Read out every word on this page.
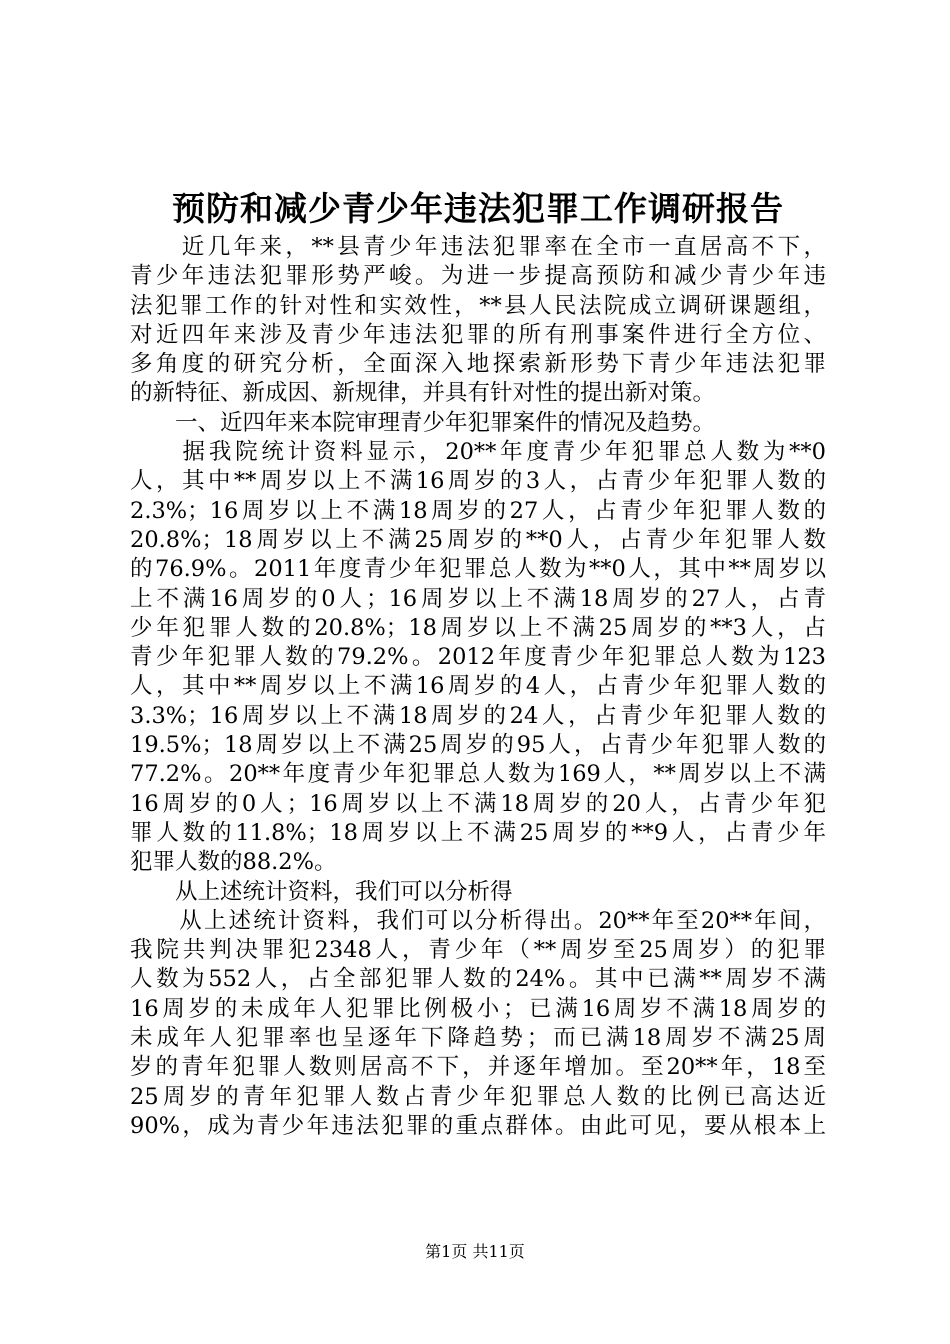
预防和减少青少年违法犯罪工作调研报告
　　近几年来，**县青少年违法犯罪率在全市一直居高不下，
青少年违法犯罪形势严峻。为进一步提高预防和减少青少年违
法犯罪工作的针对性和实效性，**县人民法院成立调研课题组，
对近四年来涉及青少年违法犯罪的所有刑事案件进行全方位、
多角度的研究分析，全面深入地探索新形势下青少年违法犯罪
的新特征、新成因、新规律，并具有针对性的提出新对策。
　　一、近四年来本院审理青少年犯罪案件的情况及趋势。
　　据我院统计资料显示，20**年度青少年犯罪总人数为**0
人，其中**周岁以上不满16周岁的3人，占青少年犯罪人数的
2.3%；16周岁以上不满18周岁的27人，占青少年犯罪人数的
20.8%；18周岁以上不满25周岁的**0人，占青少年犯罪人数
的76.9%。2011年度青少年犯罪总人数为**0人，其中**周岁以
上不满16周岁的0人；16周岁以上不满18周岁的27人，占青
少年犯罪人数的20.8%；18周岁以上不满25周岁的**3人，占
青少年犯罪人数的79.2%。2012年度青少年犯罪总人数为123
人，其中**周岁以上不满16周岁的4人，占青少年犯罪人数的
3.3%；16周岁以上不满18周岁的24人，占青少年犯罪人数的
19.5%；18周岁以上不满25周岁的95人，占青少年犯罪人数的
77.2%。20**年度青少年犯罪总人数为169人，**周岁以上不满
16周岁的0人；16周岁以上不满18周岁的20人，占青少年犯
罪人数的11.8%；18周岁以上不满25周岁的**9人，占青少年
犯罪人数的88.2%。
　　从上述统计资料，我们可以分析得
　　从上述统计资料，我们可以分析得出。20**年至20**年间，
我院共判决罪犯2348人，青少年（**周岁至25周岁）的犯罪
人数为552人，占全部犯罪人数的24%。其中已满**周岁不满
16周岁的未成年人犯罪比例极小；已满16周岁不满18周岁的
未成年人犯罪率也呈逐年下降趋势；而已满18周岁不满25周
岁的青年犯罪人数则居高不下，并逐年增加。至20**年，18至
25周岁的青年犯罪人数占青少年犯罪总人数的比例已高达近
90%，成为青少年违法犯罪的重点群体。由此可见，要从根本上
第1页 共11页
